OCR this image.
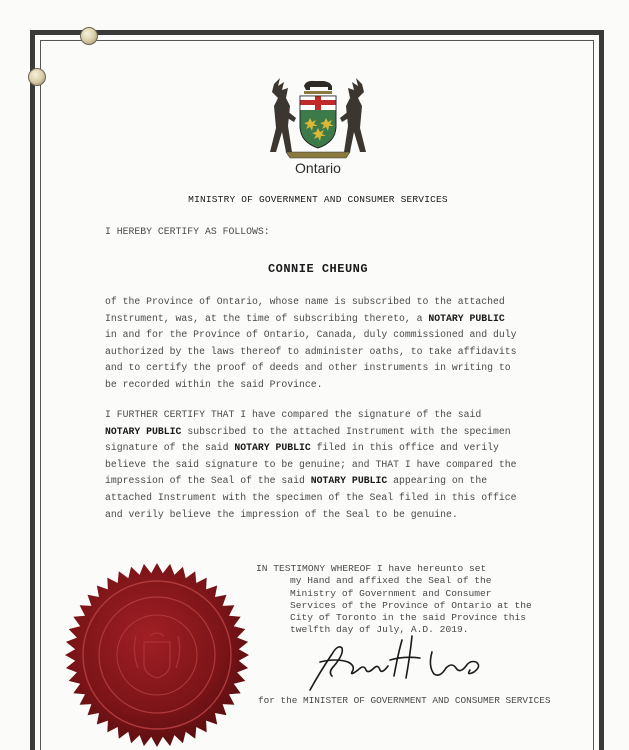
Ontario
MINISTRY OF GOVERNMENT AND CONSUMER SERVICES
I HEREBY CERTIFY AS FOLLOWS:
CONNIE CHEUNG
of the Province of Ontario, whose name is subscribed to the attached
Instrument, was, at the time of subscribing thereto, a NOTARY PUBLIC
in and for the Province of Ontario, Canada, duly commissioned and duly
authorized by the laws thereof to administer oaths, to take affidavits
and to certify the proof of deeds and other instruments in writing to
be recorded within the said Province.
I FURTHER CERTIFY THAT I have compared the signature of the said
NOTARY PUBLIC subscribed to the attached Instrument with the specimen
signature of the said NOTARY PUBLIC filed in this office and verily
believe the said signature to be genuine; and THAT I have compared the
impression of the Seal of the said NOTARY PUBLIC appearing on the
attached Instrument with the specimen of the Seal filed in this office
and verily believe the impression of the Seal to be genuine.
IN TESTIMONY WHEREOF I have hereunto set
my Hand and affixed the Seal of the
Ministry of Government and Consumer
Services of the Province of Ontario at the
City of Toronto in the said Province this
twelfth day of July, A.D. 2019.
for the MINISTER OF GOVERNMENT AND CONSUMER SERVICES
